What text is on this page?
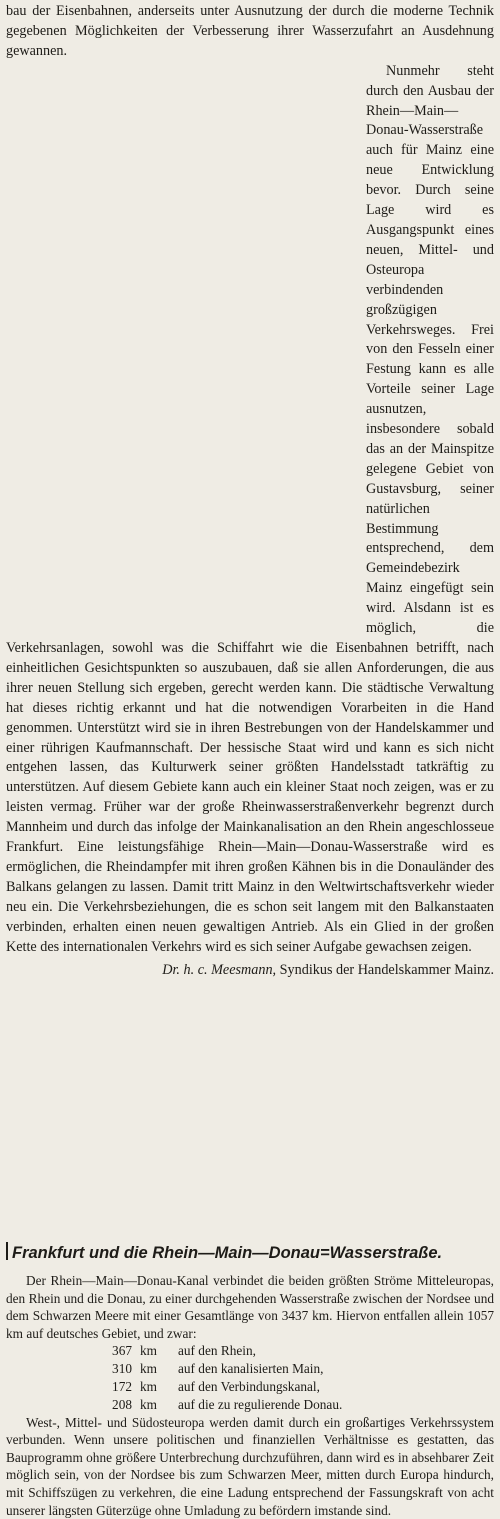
bau der Eisenbahnen, anderseits unter Ausnutzung der durch die moderne Technik gegebenen Möglichkeiten der Verbesserung ihrer Wasserzufahrt an Ausdehnung gewannen.

Nunmehr steht durch den Ausbau der Rhein—Main—Donau-Wasserstraße auch für Mainz eine neue Entwicklung bevor. Durch seine Lage wird es Ausgangspunkt eines neuen, Mittel- und Osteuropa verbindenden großzügigen Verkehrsweges. Frei von den Fesseln einer Festung kann es alle Vorteile seiner Lage ausnutzen, insbesondere sobald das an der Mainspitze gelegene Gebiet von Gustavsburg, seiner natürlichen Bestimmung entsprechend, dem Gemeindebezirk Mainz eingefügt sein wird. Alsdann ist es möglich, die Verkehrsanlagen, sowohl was die Schiffahrt wie die Eisenbahnen betrifft, nach einheitlichen Gesichtspunkten so auszubauen, daß sie allen Anforderungen, die aus ihrer neuen Stellung sich ergeben, gerecht werden kann. Die städtische Verwaltung hat dieses richtig erkannt und hat die notwendigen Vorarbeiten in die Hand genommen. Unterstützt wird sie in ihren Bestrebungen von der Handelskammer und einer rührigen Kaufmannschaft. Der hessische Staat wird und kann es sich nicht entgehen lassen, das Kulturwerk seiner größten Handelsstadt tatkräftig zu unterstützen. Auf diesem Gebiete kann auch ein kleiner Staat noch zeigen, was er zu leisten vermag. Früher war der große Rheinwasserstraßenverkehr begrenzt durch Mannheim und durch das infolge der Mainkanalisation an den Rhein angeschlosseue Frankfurt. Eine leistungsfähige Rhein—Main—Donau-Wasserstraße wird es ermöglichen, die Rheindampfer mit ihren großen Kähnen bis in die Donauländer des Balkans gelangen zu lassen. Damit tritt Mainz in den Weltwirtschaftsverkehr wieder neu ein. Die Verkehrsbeziehungen, die es schon seit langem mit den Balkanstaaten verbinden, erhalten einen neuen gewaltigen Antrieb. Als ein Glied in der großen Kette des internationalen Verkehrs wird es sich seiner Aufgabe gewachsen zeigen.

Dr. h. c. Meesmann, Syndikus der Handelskammer Mainz.
Frankfurt und die Rhein—Main—Donau=Wasserstraße.

Der Rhein—Main—Donau-Kanal verbindet die beiden größten Ströme Mitteleuropas, den Rhein und die Donau, zu einer durchgehenden Wasserstraße zwischen der Nordsee und dem Schwarzen Meere mit einer Gesamtlänge von 3437 km. Hiervon entfallen allein 1057 km auf deutsches Gebiet, und zwar:

367 km	auf den Rhein,
310 km	auf den kanalisierten Main,
172 km	auf den Verbindungskanal,
208 km	auf die zu regulierende Donau.

West-, Mittel- und Südosteuropa werden damit durch ein großartiges Verkehrssystem verbunden. Wenn unsere politischen und finanziellen Verhältnisse es gestatten, das Bauprogramm ohne größere Unterbrechung durchzuführen, dann wird es in absehbarer Zeit möglich sein, von der Nordsee bis zum Schwarzen Meer, mitten durch Europa hindurch, mit Schiffszügen zu verkehren, die eine Ladung entsprechend der Fassungskraft von acht unserer längsten Güterzüge ohne Umladung zu befördern imstande sind.
